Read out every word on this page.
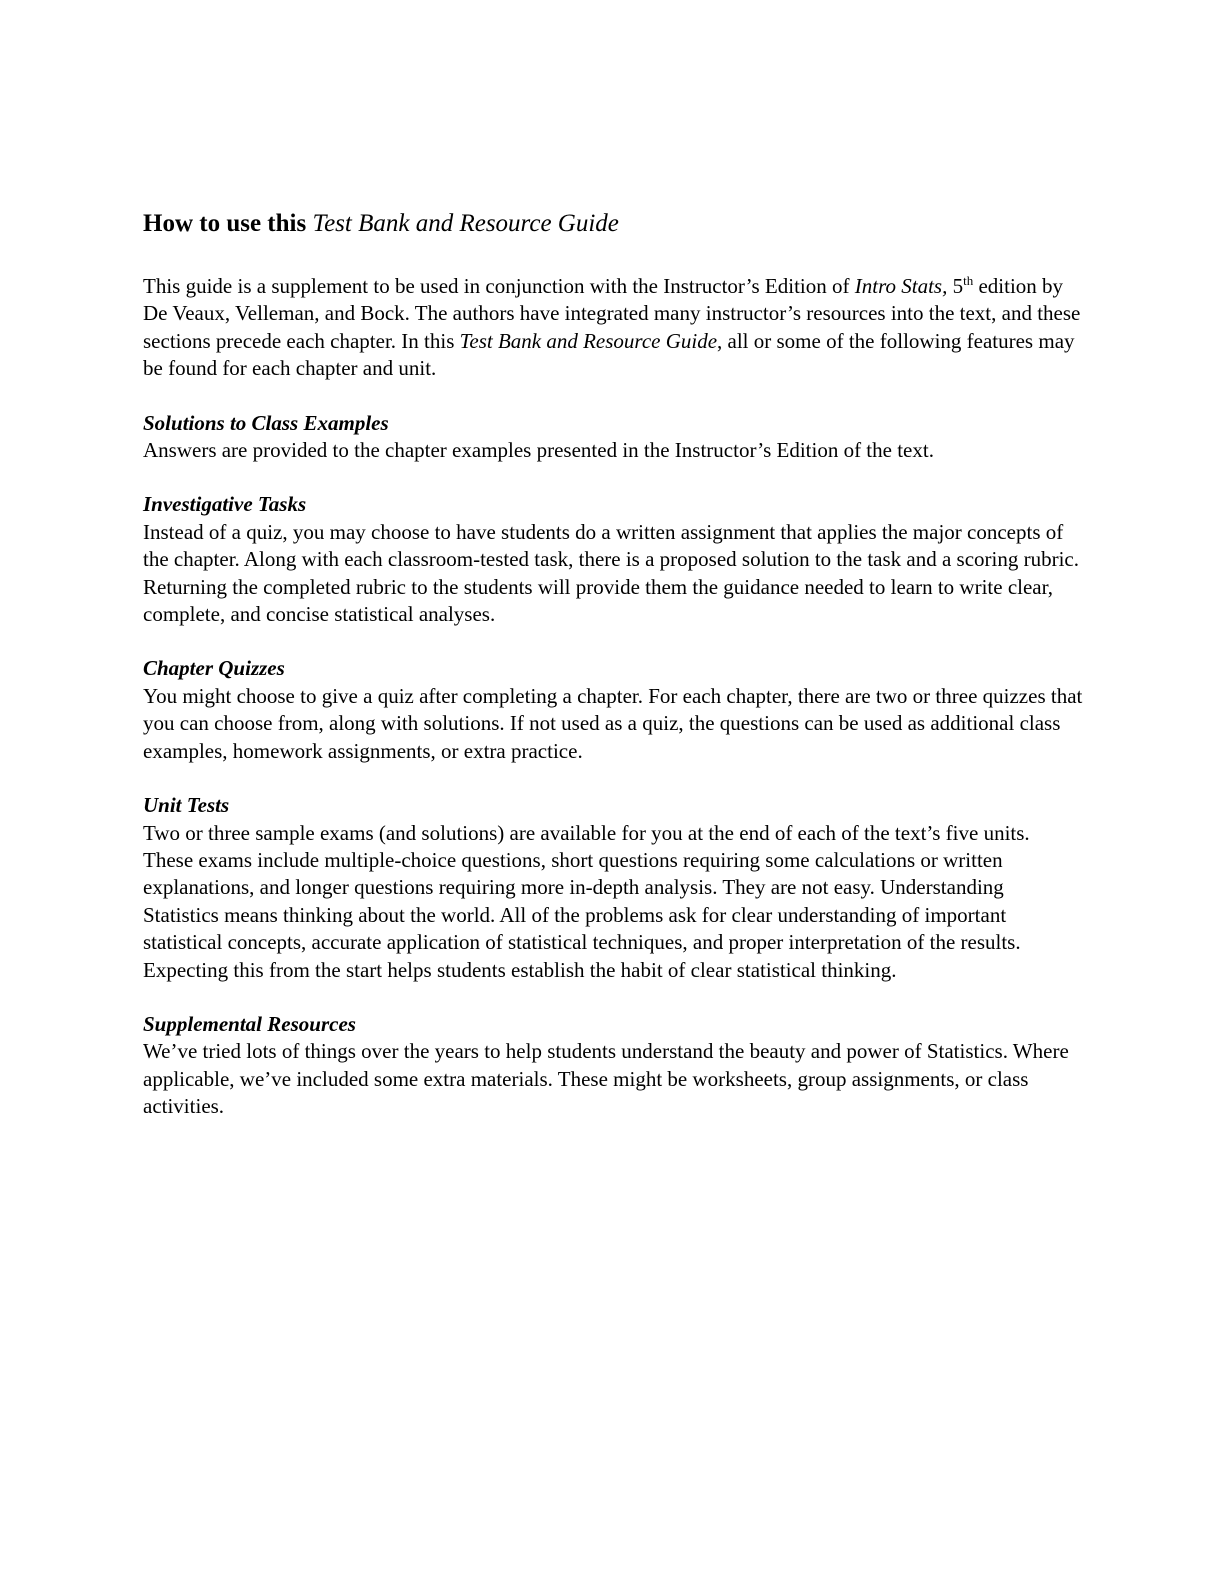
How to use this Test Bank and Resource Guide

This guide is a supplement to be used in conjunction with the Instructor’s Edition of Intro Stats, 5th edition by De Veaux, Velleman, and Bock. The authors have integrated many instructor’s resources into the text, and these sections precede each chapter. In this Test Bank and Resource Guide, all or some of the following features may be found for each chapter and unit.

Solutions to Class Examples

Answers are provided to the chapter examples presented in the Instructor’s Edition of the text.

Investigative Tasks

Instead of a quiz, you may choose to have students do a written assignment that applies the major concepts of the chapter. Along with each classroom-tested task, there is a proposed solution to the task and a scoring rubric. Returning the completed rubric to the students will provide them the guidance needed to learn to write clear, complete, and concise statistical analyses.

Chapter Quizzes

You might choose to give a quiz after completing a chapter. For each chapter, there are two or three quizzes that you can choose from, along with solutions. If not used as a quiz, the questions can be used as additional class examples, homework assignments, or extra practice.

Unit Tests

Two or three sample exams (and solutions) are available for you at the end of each of the text’s five units. These exams include multiple-choice questions, short questions requiring some calculations or written explanations, and longer questions requiring more in-depth analysis. They are not easy. Understanding Statistics means thinking about the world. All of the problems ask for clear understanding of important statistical concepts, accurate application of statistical techniques, and proper interpretation of the results. Expecting this from the start helps students establish the habit of clear statistical thinking.

Supplemental Resources

We’ve tried lots of things over the years to help students understand the beauty and power of Statistics. Where applicable, we’ve included some extra materials. These might be worksheets, group assignments, or class activities.
